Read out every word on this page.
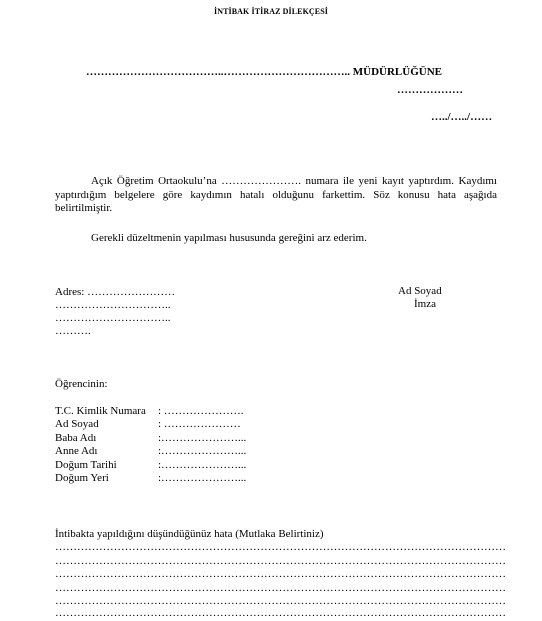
İNTİBAK İTİRAZ DİLEKÇESİ
………………………………..…………………………….. MÜDÜRLÜĞÜNE
………………
…../…../……
Açık Öğretim Ortaokulu’na …………………. numara ile yeni kayıt yaptırdım. Kaydımı yaptırdığım belgelere göre kaydımın hatalı olduğunu farkettim. Söz konusu hata aşağıda belirtilmiştir.
Gerekli düzeltmenin yapılması hususunda gereğini arz ederim.
Adres: ……………………
…………………………..
…………………………..
……….
Ad Soyad
İmza
Öğrencinin:
T.C. Kimlik Numara	: ………………….
Ad Soyad	: …………………
Baba Adı	:…………………...
Anne Adı	:…………………...
Doğum Tarihi	:…………………...
Doğum Yeri	:…………………...
İntibakta yapıldığını düşündüğünüz hata (Mutlaka Belirtiniz)
……………………………………………………………………………………………………………
……………………………………………………………………………………………………………
……………………………………………………………………………………………………………
……………………………………………………………………………………………………………
……………………………………………………………………………………………………………
……………………………………………………………………………………………………………
